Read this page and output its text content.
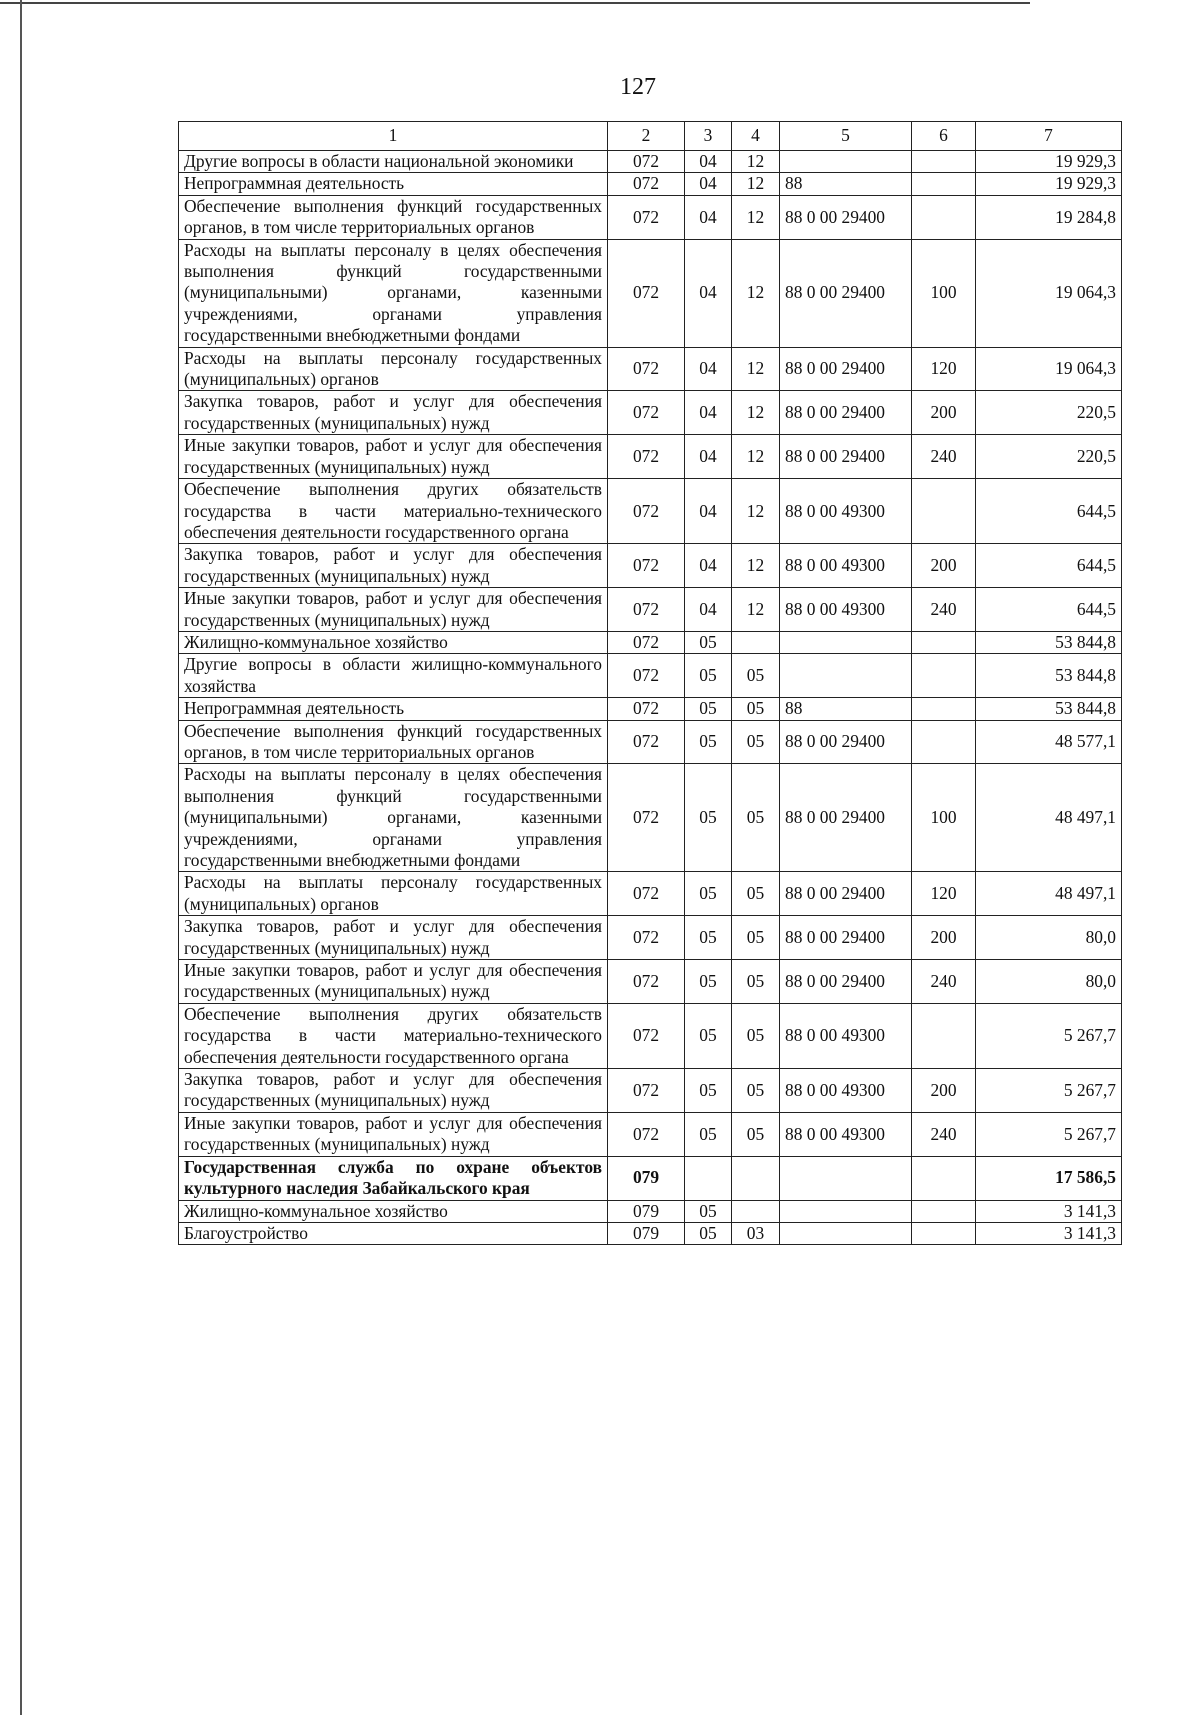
127
1	2	3	4	5	6	7
Другие вопросы в области национальной экономики	072	04	12			19 929,3
Непрограммная деятельность	072	04	12	88		19 929,3
Обеспечение выполнения функций государственных органов, в том числе территориальных органов	072	04	12	88 0 00 29400		19 284,8
Расходы на выплаты персоналу в целях обеспечения выполнения функций государственными (муниципальными) органами, казенными учреждениями, органами управления государственными внебюджетными фондами	072	04	12	88 0 00 29400	100	19 064,3
Расходы на выплаты персоналу государственных (муниципальных) органов	072	04	12	88 0 00 29400	120	19 064,3
Закупка товаров, работ и услуг для обеспечения государственных (муниципальных) нужд	072	04	12	88 0 00 29400	200	220,5
Иные закупки товаров, работ и услуг для обеспечения государственных (муниципальных) нужд	072	04	12	88 0 00 29400	240	220,5
Обеспечение выполнения других обязательств государства в части материально-технического обеспечения деятельности государственного органа	072	04	12	88 0 00 49300		644,5
Закупка товаров, работ и услуг для обеспечения государственных (муниципальных) нужд	072	04	12	88 0 00 49300	200	644,5
Иные закупки товаров, работ и услуг для обеспечения государственных (муниципальных) нужд	072	04	12	88 0 00 49300	240	644,5
Жилищно-коммунальное хозяйство	072	05				53 844,8
Другие вопросы в области жилищно-коммунального хозяйства	072	05	05			53 844,8
Непрограммная деятельность	072	05	05	88		53 844,8
Обеспечение выполнения функций государственных органов, в том числе территориальных органов	072	05	05	88 0 00 29400		48 577,1
Расходы на выплаты персоналу в целях обеспечения выполнения функций государственными (муниципальными) органами, казенными учреждениями, органами управления государственными внебюджетными фондами	072	05	05	88 0 00 29400	100	48 497,1
Расходы на выплаты персоналу государственных (муниципальных) органов	072	05	05	88 0 00 29400	120	48 497,1
Закупка товаров, работ и услуг для обеспечения государственных (муниципальных) нужд	072	05	05	88 0 00 29400	200	80,0
Иные закупки товаров, работ и услуг для обеспечения государственных (муниципальных) нужд	072	05	05	88 0 00 29400	240	80,0
Обеспечение выполнения других обязательств государства в части материально-технического обеспечения деятельности государственного органа	072	05	05	88 0 00 49300		5 267,7
Закупка товаров, работ и услуг для обеспечения государственных (муниципальных) нужд	072	05	05	88 0 00 49300	200	5 267,7
Иные закупки товаров, работ и услуг для обеспечения государственных (муниципальных) нужд	072	05	05	88 0 00 49300	240	5 267,7
Государственная служба по охране объектов культурного наследия Забайкальского края	079					17 586,5
Жилищно-коммунальное хозяйство	079	05				3 141,3
Благоустройство	079	05	03			3 141,3
